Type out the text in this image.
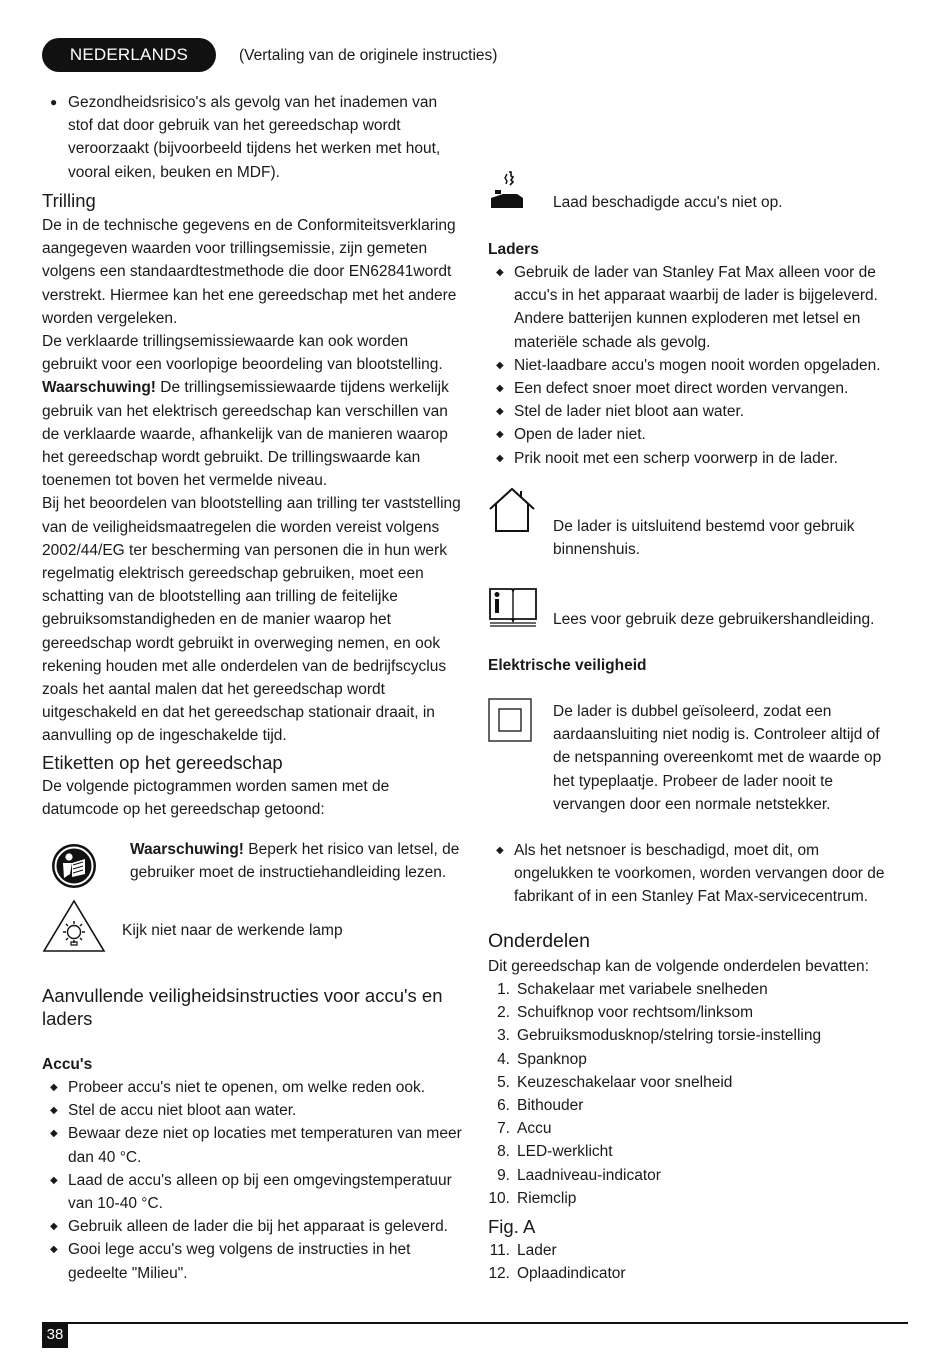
NEDERLANDS	(Vertaling van de originele instructies)
● Gezondheidsrisico's als gevolg van het inademen van stof dat door gebruik van het gereedschap wordt veroorzaakt (bijvoorbeeld tijdens het werken met hout, vooral eiken, beuken en MDF).
Trilling

De in de technische gegevens en de Conformiteitsverklaring aangegeven waarden voor trillingsemissie, zijn gemeten volgens een standaardtestmethode die door EN62841wordt verstrekt. Hiermee kan het ene gereedschap met het andere worden vergeleken.

De verklaarde trillingsemissiewaarde kan ook worden gebruikt voor een voorlopige beoordeling van blootstelling.

Waarschuwing! De trillingsemissiewaarde tijdens werkelijk gebruik van het elektrisch gereedschap kan verschillen van de verklaarde waarde, afhankelijk van de manieren waarop het gereedschap wordt gebruikt. De trillingswaarde kan toenemen tot boven het vermelde niveau.

Bij het beoordelen van blootstelling aan trilling ter vaststelling van de veiligheidsmaatregelen die worden vereist volgens 2002/44/EG ter bescherming van personen die in hun werk regelmatig elektrisch gereedschap gebruiken, moet een schatting van de blootstelling aan trilling de feitelijke gebruiksomstandigheden en de manier waarop het gereedschap wordt gebruikt in overweging nemen, en ook rekening houden met alle onderdelen van de bedrijfscyclus zoals het aantal malen dat het gereedschap wordt uitgeschakeld en dat het gereedschap stationair draait, in aanvulling op de ingeschakelde tijd.

Etiketten op het gereedschap

De volgende pictogrammen worden samen met de datumcode op het gereedschap getoond:

Waarschuwing! Beperk het risico van letsel, de gebruiker moet de instructiehandleiding lezen.

Kijk niet naar de werkende lamp

Aanvullende veiligheidsinstructies voor accu's en laders
Accu's
◆ Probeer accu's niet te openen, om welke reden ook.
◆ Stel de accu niet bloot aan water.
◆ Bewaar deze niet op locaties met temperaturen van meer dan 40 °C.
◆ Laad de accu's alleen op bij een omgevingstemperatuur van 10-40 °C.
◆ Gebruik alleen de lader die bij het apparaat is geleverd.
◆ Gooi lege accu's weg volgens de instructies in het gedeelte "Milieu".

Laad beschadigde accu's niet op.

Laders
◆ Gebruik de lader van Stanley Fat Max alleen voor de accu's in het apparaat waarbij de lader is bijgeleverd. Andere batterijen kunnen exploderen met letsel en materiële schade als gevolg.
◆ Niet-laadbare accu's mogen nooit worden opgeladen.
◆ Een defect snoer moet direct worden vervangen.
◆ Stel de lader niet bloot aan water.
◆ Open de lader niet.
◆ Prik nooit met een scherp voorwerp in de lader.

De lader is uitsluitend bestemd voor gebruik binnenshuis.

Lees voor gebruik deze gebruikershandleiding.

Elektrische veiligheid

De lader is dubbel geïsoleerd, zodat een aardaansluiting niet nodig is. Controleer altijd of de netspanning overeenkomt met de waarde op het typeplaatje. Probeer de lader nooit te vervangen door een normale netstekker.

◆ Als het netsnoer is beschadigd, moet dit, om ongelukken te voorkomen, worden vervangen door de fabrikant of in een Stanley Fat Max-servicecentrum.
Onderdelen

Dit gereedschap kan de volgende onderdelen bevatten:

1. Schakelaar met variabele snelheden
2. Schuifknop voor rechtsom/linksom
3. Gebruiksmodusknop/stelring torsie-instelling
4. Spanknop
5. Keuzeschakelaar voor snelheid
6. Bithouder
7. Accu
8. LED-werklicht
9. Laadniveau-indicator
10. Riemclip
Fig. A
11. Lader
12. Oplaadindicator
38
